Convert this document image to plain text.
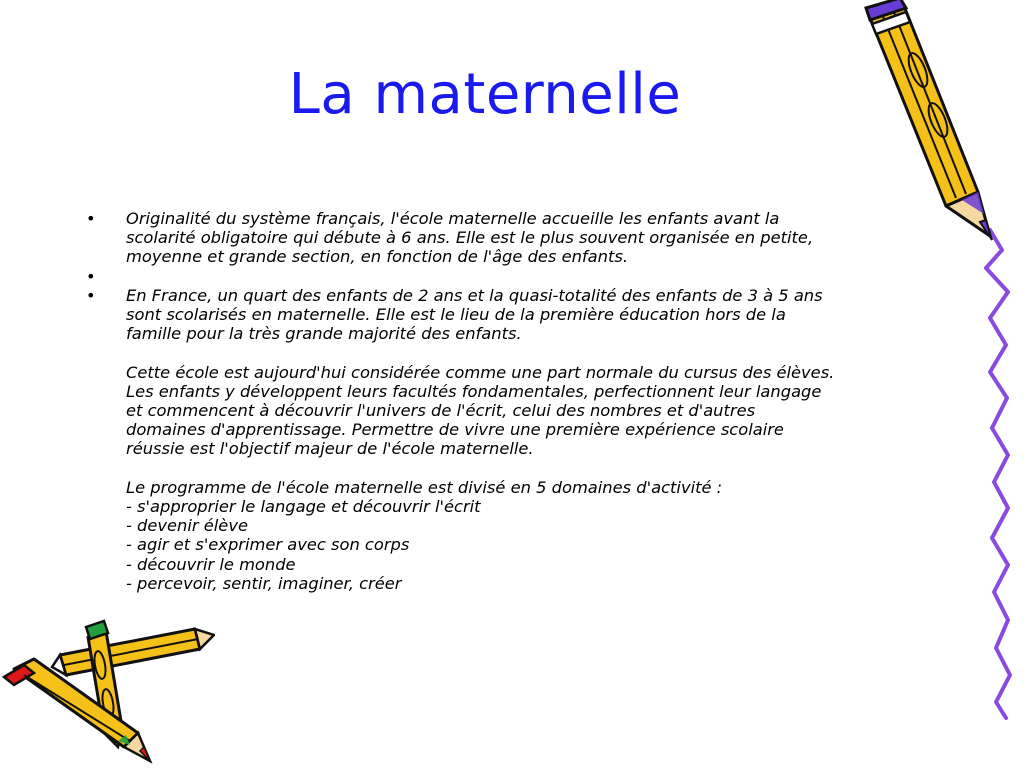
La maternelle
•	Originalité du système français, l'école maternelle accueille les enfants avant la
scolarité obligatoire qui débute à 6 ans. Elle est le plus souvent organisée en petite,
moyenne et grande section, en fonction de l'âge des enfants.
•

•	En France, un quart des enfants de 2 ans et la quasi-totalité des enfants de 3 à 5 ans
sont scolarisés en maternelle. Elle est le lieu de la première éducation hors de la
famille pour la très grande majorité des enfants.
Cette école est aujourd'hui considérée comme une part normale du cursus des élèves.
Les enfants y développent leurs facultés fondamentales, perfectionnent leur langage
et commencent à découvrir l'univers de l'écrit, celui des nombres et d'autres
domaines d'apprentissage. Permettre de vivre une première expérience scolaire
réussie est l'objectif majeur de l'école maternelle.
Le programme de l'école maternelle est divisé en 5 domaines d'activité :
- s'approprier le langage et découvrir l'écrit
- devenir élève
- agir et s'exprimer avec son corps
- découvrir le monde
- percevoir, sentir, imaginer, créer
